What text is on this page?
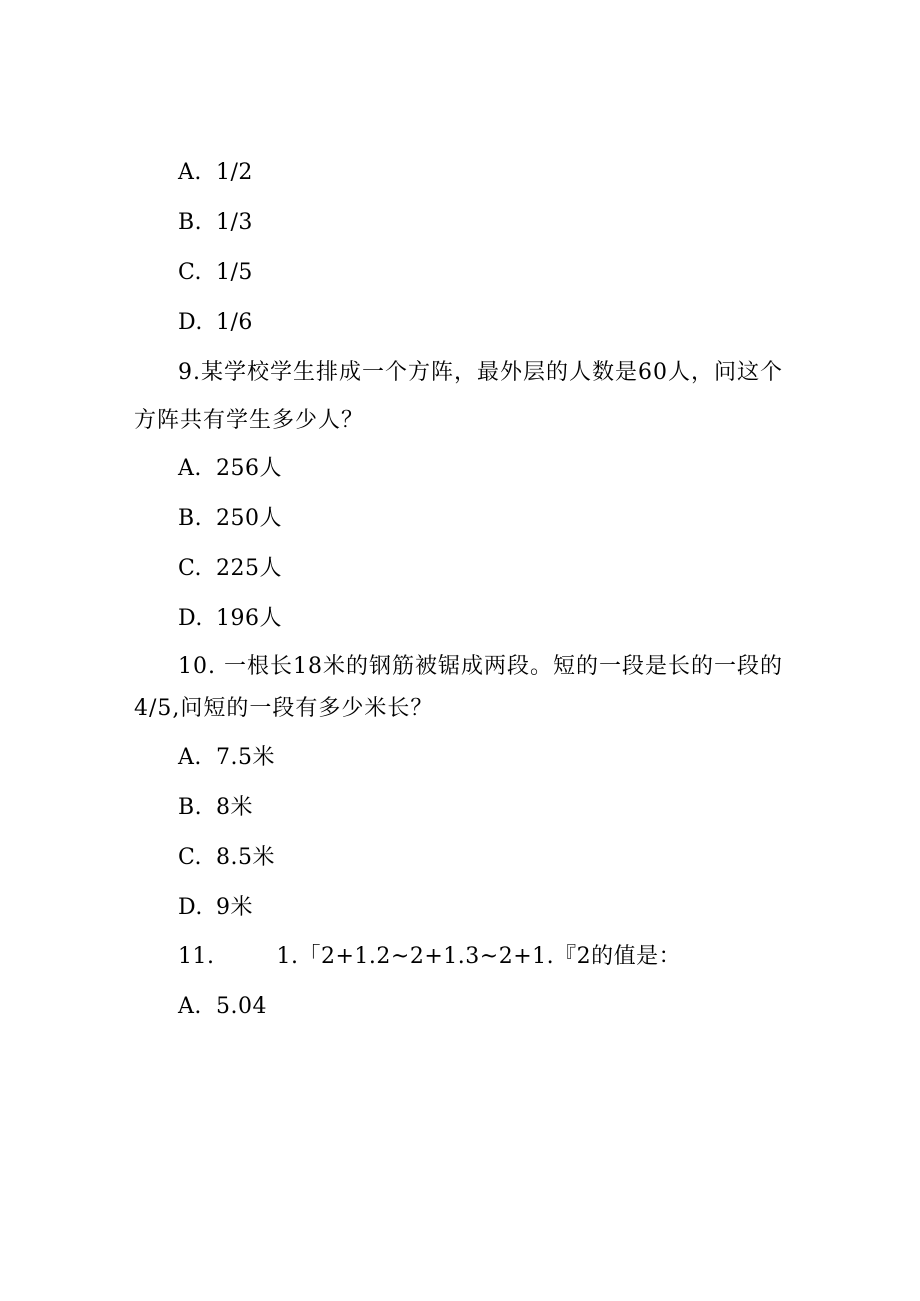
A. 1/2
B. 1/3
C. 1/5
D. 1/6
9.某学校学生排成一个方阵，最外层的人数是60人，问这个
方阵共有学生多少人？
A. 256人
B. 250人
C. 225人
D. 196人
10. 一根长18米的钢筋被锯成两段。短的一段是长的一段的
4/5,问短的一段有多少米长？
A. 7.5米
B. 8米
C. 8.5米
D. 9米
11.	1.「2+1.2~2+1.3~2+1.『2的值是：
A. 5.04
